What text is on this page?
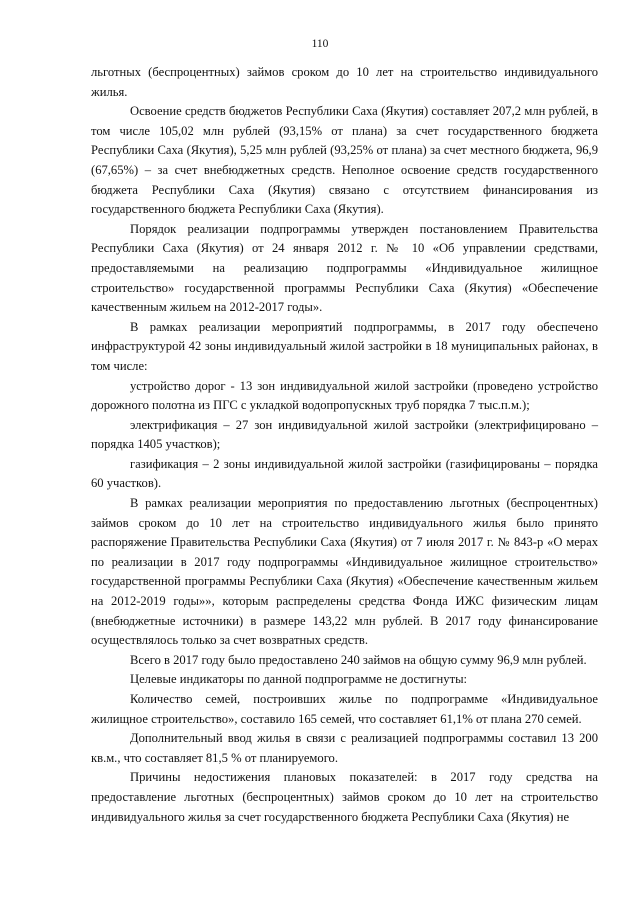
110

льготных (беспроцентных) займов сроком до 10 лет на строительство индивидуального жилья.

Освоение средств бюджетов Республики Саха (Якутия) составляет 207,2 млн рублей, в том числе 105,02 млн рублей (93,15% от плана) за счет государственного бюджета Республики Саха (Якутия), 5,25 млн рублей (93,25% от плана) за счет местного бюджета, 96,9 (67,65%) – за счет внебюджетных средств. Неполное освоение средств государственного бюджета Республики Саха (Якутия) связано с отсутствием финансирования из государственного бюджета Республики Саха (Якутия).

Порядок реализации подпрограммы утвержден постановлением Правительства Республики Саха (Якутия) от 24 января 2012 г. № 10 «Об управлении средствами, предоставляемыми на реализацию подпрограммы «Индивидуальное жилищное строительство» государственной программы Республики Саха (Якутия) «Обеспечение качественным жильем на 2012-2017 годы».

В рамках реализации мероприятий подпрограммы, в 2017 году обеспечено инфраструктурой 42 зоны индивидуальный жилой застройки в 18 муниципальных районах, в том числе:

устройство дорог - 13 зон индивидуальной жилой застройки (проведено устройство дорожного полотна из ПГС с укладкой водопропускных труб порядка 7 тыс.п.м.);

электрификация – 27 зон индивидуальной жилой застройки (электрифицировано – порядка 1405 участков);

газификация – 2 зоны индивидуальной жилой застройки (газифицированы – порядка 60 участков).

В рамках реализации мероприятия по предоставлению льготных (беспроцентных) займов сроком до 10 лет на строительство индивидуального жилья было принято распоряжение Правительства Республики Саха (Якутия) от 7 июля 2017 г. № 843-р «О мерах по реализации в 2017 году подпрограммы «Индивидуальное жилищное строительство» государственной программы Республики Саха (Якутия) «Обеспечение качественным жильем на 2012-2019 годы»», которым распределены средства Фонда ИЖС физическим лицам (внебюджетные источники) в размере 143,22 млн рублей. В 2017 году финансирование осуществлялось только за счет возвратных средств.

Всего в 2017 году было предоставлено 240 займов на общую сумму 96,9 млн рублей.

Целевые индикаторы по данной подпрограмме не достигнуты:

Количество семей, построивших жилье по подпрограмме «Индивидуальное жилищное строительство», составило 165 семей, что составляет 61,1% от плана 270 семей.

Дополнительный ввод жилья в связи с реализацией подпрограммы составил 13 200 кв.м., что составляет 81,5 % от планируемого.

Причины недостижения плановых показателей: в 2017 году средства на предоставление льготных (беспроцентных) займов сроком до 10 лет на строительство индивидуального жилья за счет государственного бюджета Республики Саха (Якутия) не
